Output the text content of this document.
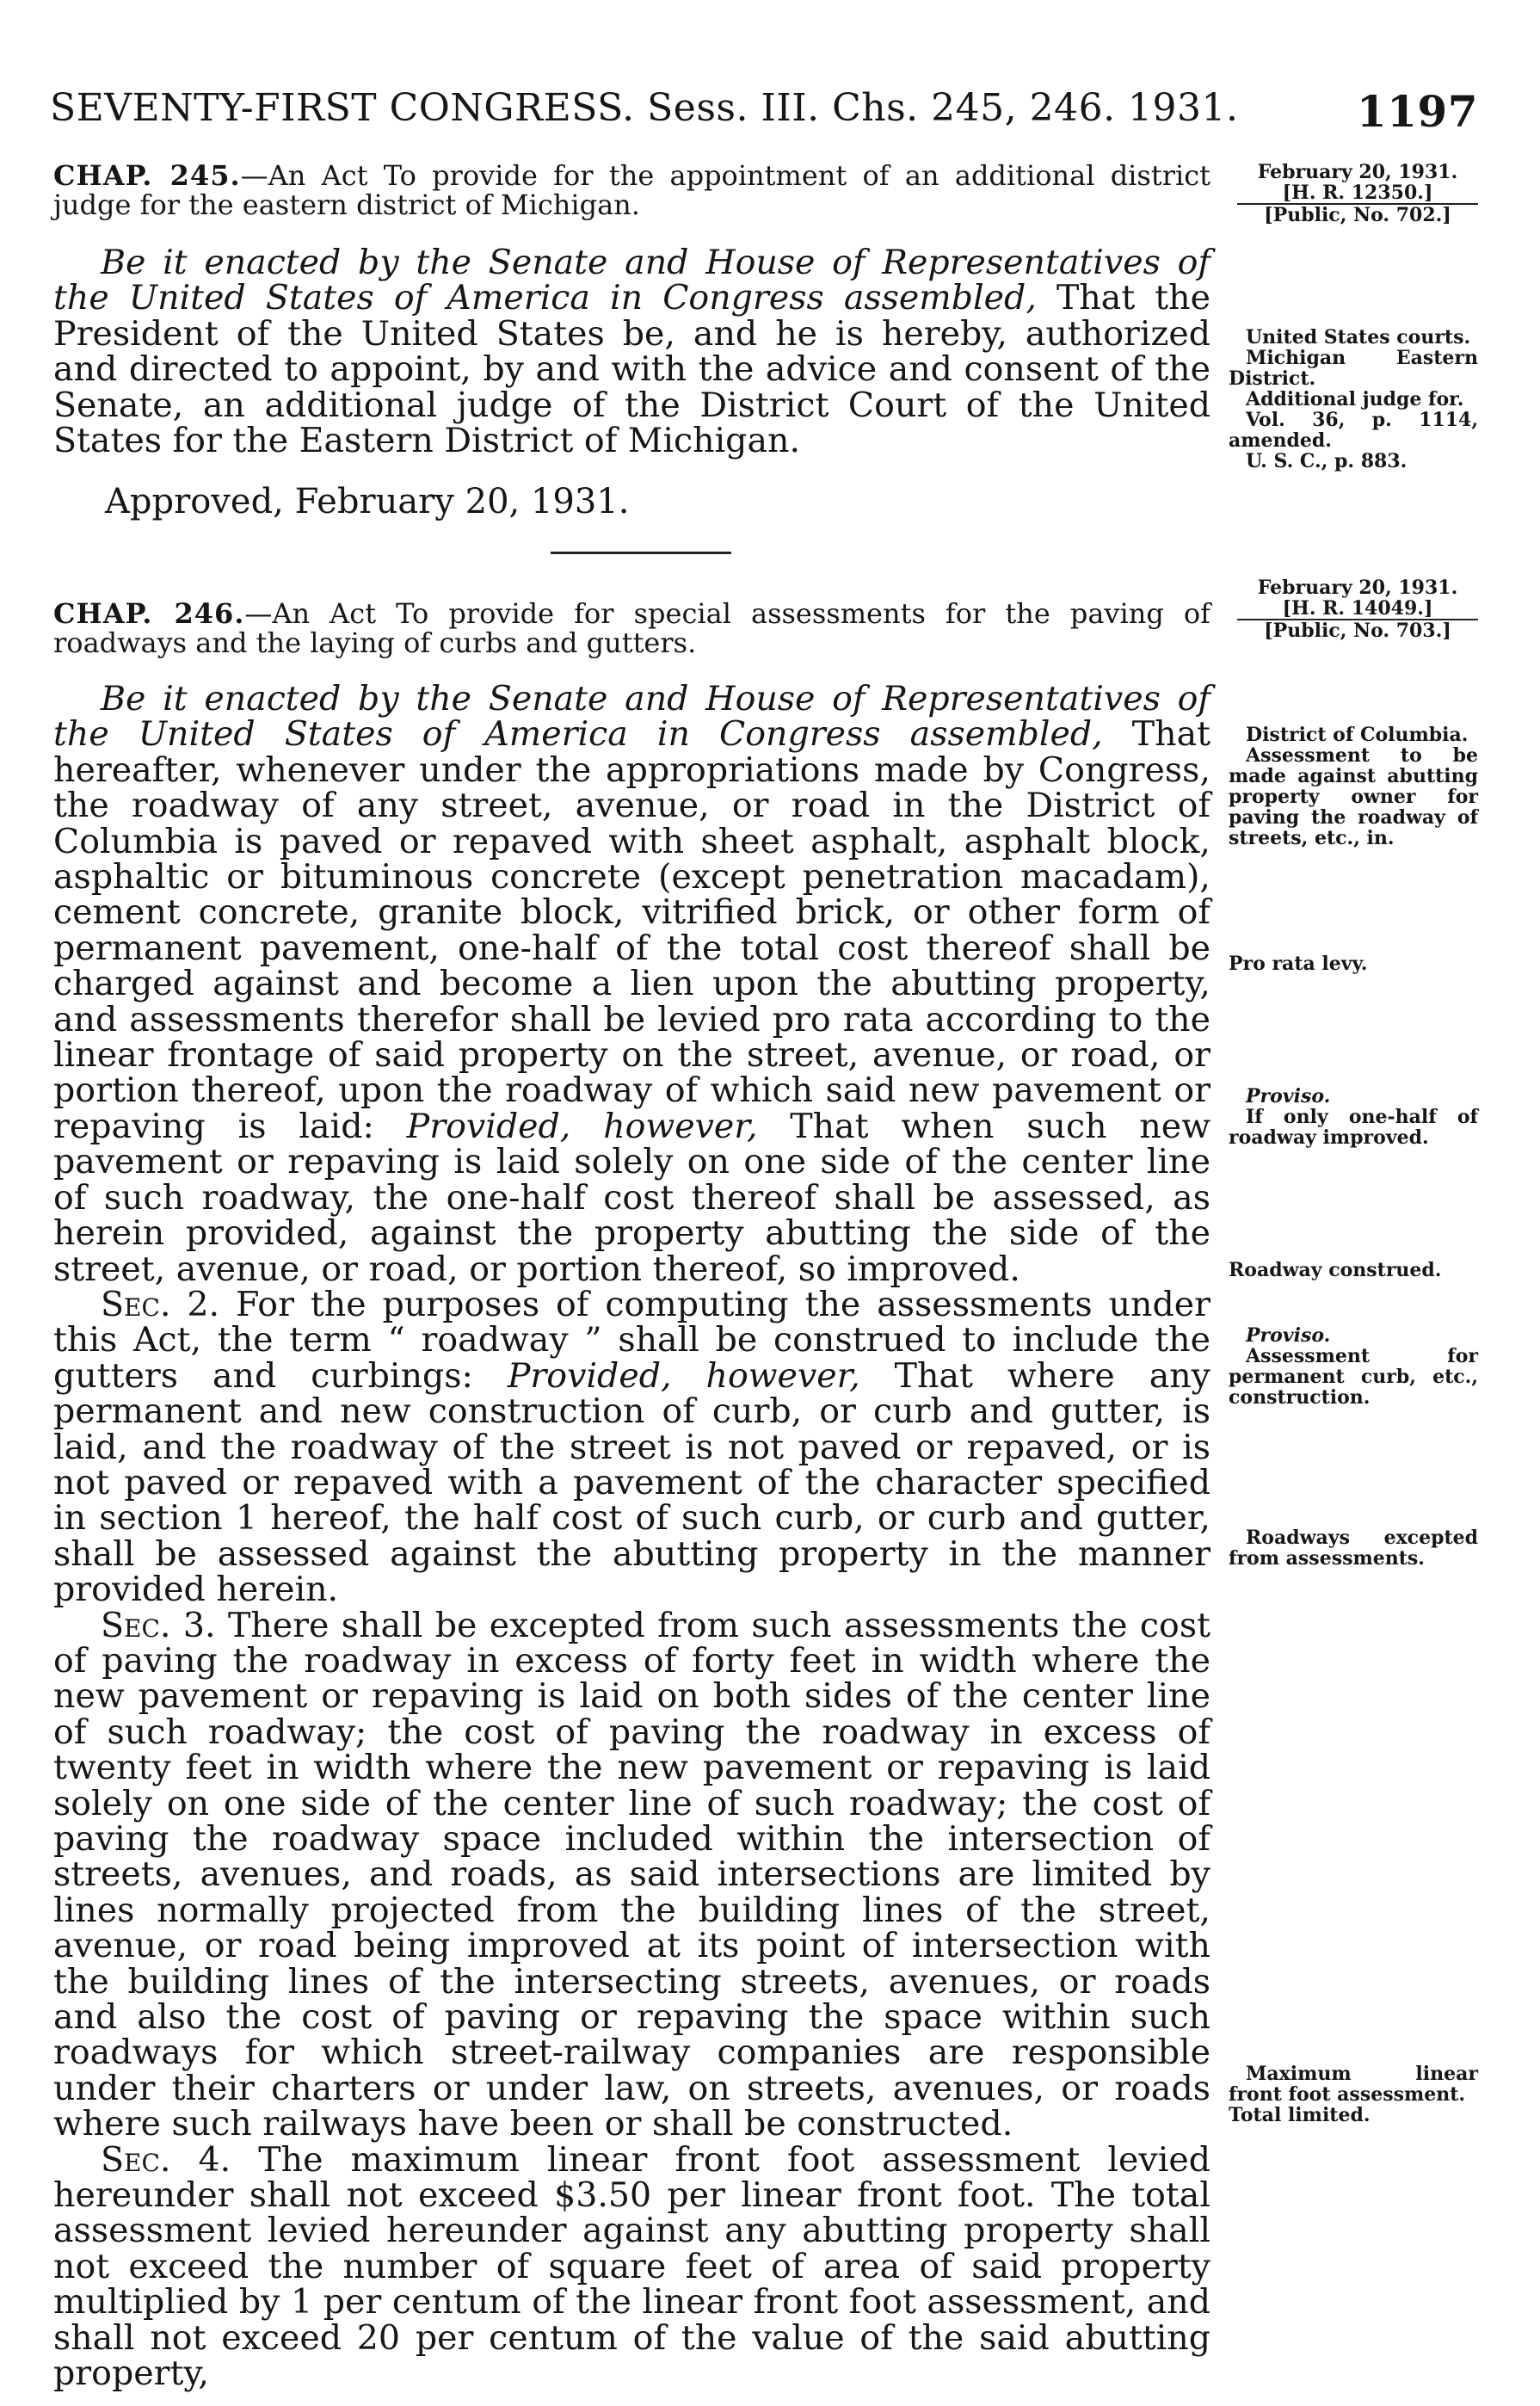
SEVENTY-FIRST CONGRESS. Sess. III. Chs. 245, 246. 1931.	1197
February 20, 1931.
[H. R. 12350.]
[Public, No. 702.]
CHAP. 245.—An Act To provide for the appointment of an additional district judge for the eastern district of Michigan.

Be it enacted by the Senate and House of Representatives of the United States of America in Congress assembled, That the President of the United States be, and he is hereby, authorized and directed to appoint, by and with the advice and consent of the Senate, an additional judge of the District Court of the United States for the Eastern District of Michigan.

Approved, February 20, 1931.
United States courts.
Michigan Eastern District.
Additional judge for.
Vol. 36, p. 1114, amended.
U. S. C., p. 883.
February 20, 1931.
[H. R. 14049.]
[Public, No. 703.]
CHAP. 246.—An Act To provide for special assessments for the paving of roadways and the laying of curbs and gutters.

Be it enacted by the Senate and House of Representatives of the United States of America in Congress assembled, That hereafter, whenever under the appropriations made by Congress, the roadway of any street, avenue, or road in the District of Columbia is paved or repaved with sheet asphalt, asphalt block, asphaltic or bituminous concrete (except penetration macadam), cement concrete, granite block, vitrified brick, or other form of permanent pavement, one-half of the total cost thereof shall be charged against and become a lien upon the abutting property, and assessments therefor shall be levied pro rata according to the linear frontage of said property on the street, avenue, or road, or portion thereof, upon the roadway of which said new pavement or repaving is laid: Provided, however, That when such new pavement or repaving is laid solely on one side of the center line of such roadway, the one-half cost thereof shall be assessed, as herein provided, against the property abutting the side of the street, avenue, or road, or portion thereof, so improved.

Sec. 2. For the purposes of computing the assessments under this Act, the term “ roadway ” shall be construed to include the gutters and curbings: Provided, however, That where any permanent and new construction of curb, or curb and gutter, is laid, and the roadway of the street is not paved or repaved, or is not paved or repaved with a pavement of the character specified in section 1 hereof, the half cost of such curb, or curb and gutter, shall be assessed against the abutting property in the manner provided herein.

Sec. 3. There shall be excepted from such assessments the cost of paving the roadway in excess of forty feet in width where the new pavement or repaving is laid on both sides of the center line of such roadway; the cost of paving the roadway in excess of twenty feet in width where the new pavement or repaving is laid solely on one side of the center line of such roadway; the cost of paving the roadway space included within the intersection of streets, avenues, and roads, as said intersections are limited by lines normally projected from the building lines of the street, avenue, or road being improved at its point of intersection with the building lines of the intersecting streets, avenues, or roads and also the cost of paving or repaving the space within such roadways for which street-railway companies are responsible under their charters or under law, on streets, avenues, or roads where such railways have been or shall be constructed.

Sec. 4. The maximum linear front foot assessment levied hereunder shall not exceed $3.50 per linear front foot. The total assessment levied hereunder against any abutting property shall not exceed the number of square feet of area of said property multiplied by 1 per centum of the linear front foot assessment, and shall not exceed 20 per centum of the value of the said abutting property,

District of Columbia.
Assessment to be made against abutting property owner for paving the roadway of streets, etc., in.
Pro rata levy.
Proviso.
If only one-half of roadway improved.
Roadway construed.
Proviso.
Assessment for permanent curb, etc., construction.
Roadways excepted from assessments.
Maximum linear front foot assessment.
Total limited.
